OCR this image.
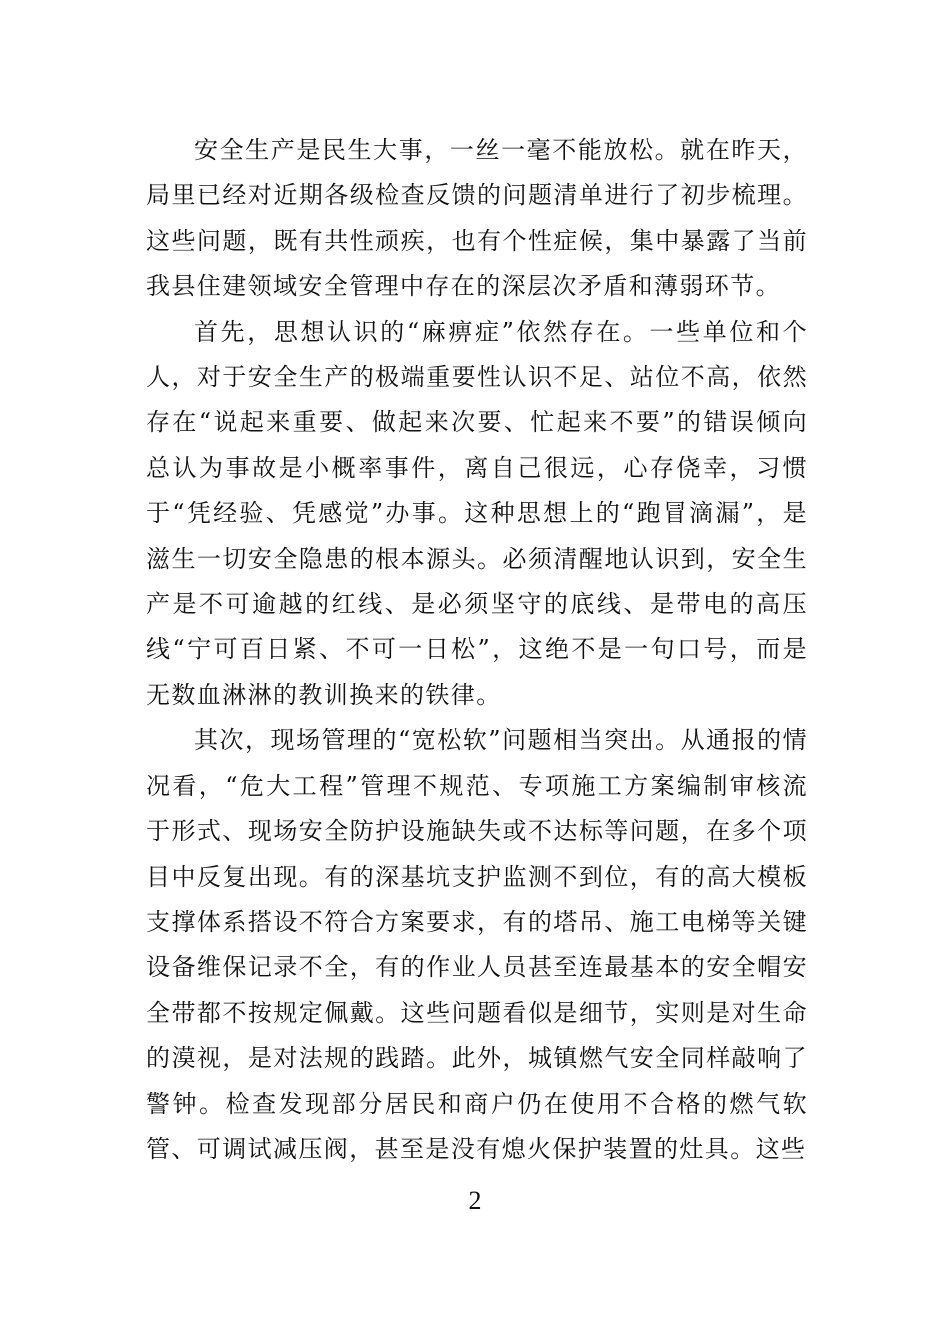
安全生产是民生大事，一丝一毫不能放松。就在昨天，局里已经对近期各级检查反馈的问题清单进行了初步梳理。这些问题，既有共性顽疾，也有个性症候，集中暴露了当前我县住建领域安全管理中存在的深层次矛盾和薄弱环节。

首先，思想认识的“麻痹症”依然存在。一些单位和个人，对于安全生产的极端重要性认识不足、站位不高，依然存在“说起来重要、做起来次要、忙起来不要”的错误倾向总认为事故是小概率事件，离自己很远，心存侥幸，习惯于“凭经验、凭感觉”办事。这种思想上的“跑冒滴漏”，是滋生一切安全隐患的根本源头。必须清醒地认识到，安全生产是不可逾越的红线、是必须坚守的底线、是带电的高压线“宁可百日紧、不可一日松”，这绝不是一句口号，而是无数血淋淋的教训换来的铁律。

其次，现场管理的“宽松软”问题相当突出。从通报的情况看，“危大工程”管理不规范、专项施工方案编制审核流于形式、现场安全防护设施缺失或不达标等问题，在多个项目中反复出现。有的深基坑支护监测不到位，有的高大模板支撑体系搭设不符合方案要求，有的塔吊、施工电梯等关键设备维保记录不全，有的作业人员甚至连最基本的安全帽安全带都不按规定佩戴。这些问题看似是细节，实则是对生命的漠视，是对法规的践踏。此外，城镇燃气安全同样敲响了警钟。检查发现部分居民和商户仍在使用不合格的燃气软管、可调试减压阀，甚至是没有熄火保护装置的灶具。这些

2
